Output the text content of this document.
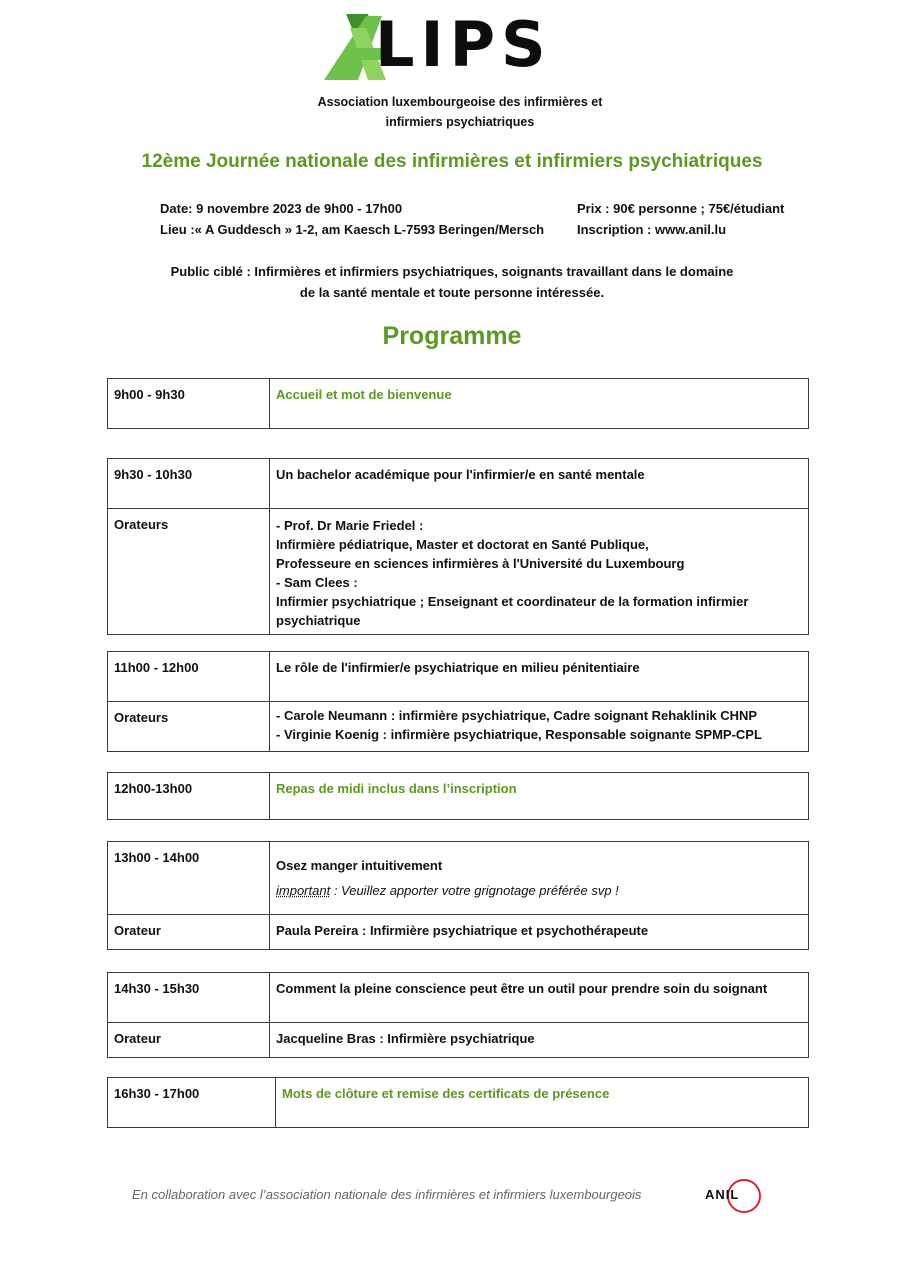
LIPS
Association luxembourgeoise des infirmières et
infirmiers psychiatriques
12ème Journée nationale des infirmières et infirmiers psychiatriques
Date: 9 novembre 2023 de 9h00 - 17h00
Lieu :« A Guddesch » 1-2, am Kaesch L-7593 Beringen/Mersch
Prix : 90€ personne ; 75€/étudiant
Inscription : www.anil.lu
Public ciblé : Infirmières et infirmiers psychiatriques, soignants travaillant dans le domaine
de la santé mentale et toute personne intéressée.
Programme
9h00 - 9h30	Accueil et mot de bienvenue
9h30 - 10h30	Un bachelor académique pour l'infirmier/e en santé mentale
Orateurs	- Prof. Dr Marie Friedel :
Infirmière pédiatrique, Master et doctorat en Santé Publique,
Professeure en sciences infirmières à l'Université du Luxembourg
- Sam Clees :
Infirmier psychiatrique ; Enseignant et coordinateur de la formation infirmier psychiatrique
11h00 - 12h00	Le rôle de l'infirmier/e psychiatrique en milieu pénitentiaire
Orateurs	- Carole Neumann : infirmière psychiatrique, Cadre soignant Rehaklinik CHNP
- Virginie Koenig : infirmière psychiatrique, Responsable soignante SPMP-CPL
12h00-13h00	Repas de midi inclus dans l’inscription
13h00 - 14h00	Osez manger intuitivement
important : Veuillez apporter votre grignotage préférée svp !

Orateur	Paula Pereira : Infirmière psychiatrique et psychothérapeute
14h30 - 15h30	Comment la pleine conscience peut être un outil pour prendre soin du soignant
Orateur	Jacqueline Bras : Infirmière psychiatrique
16h30 - 17h00	Mots de clôture et remise des certificats de présence
En collaboration avec l’association nationale des infirmières et infirmiers luxembourgeois	ANIL
